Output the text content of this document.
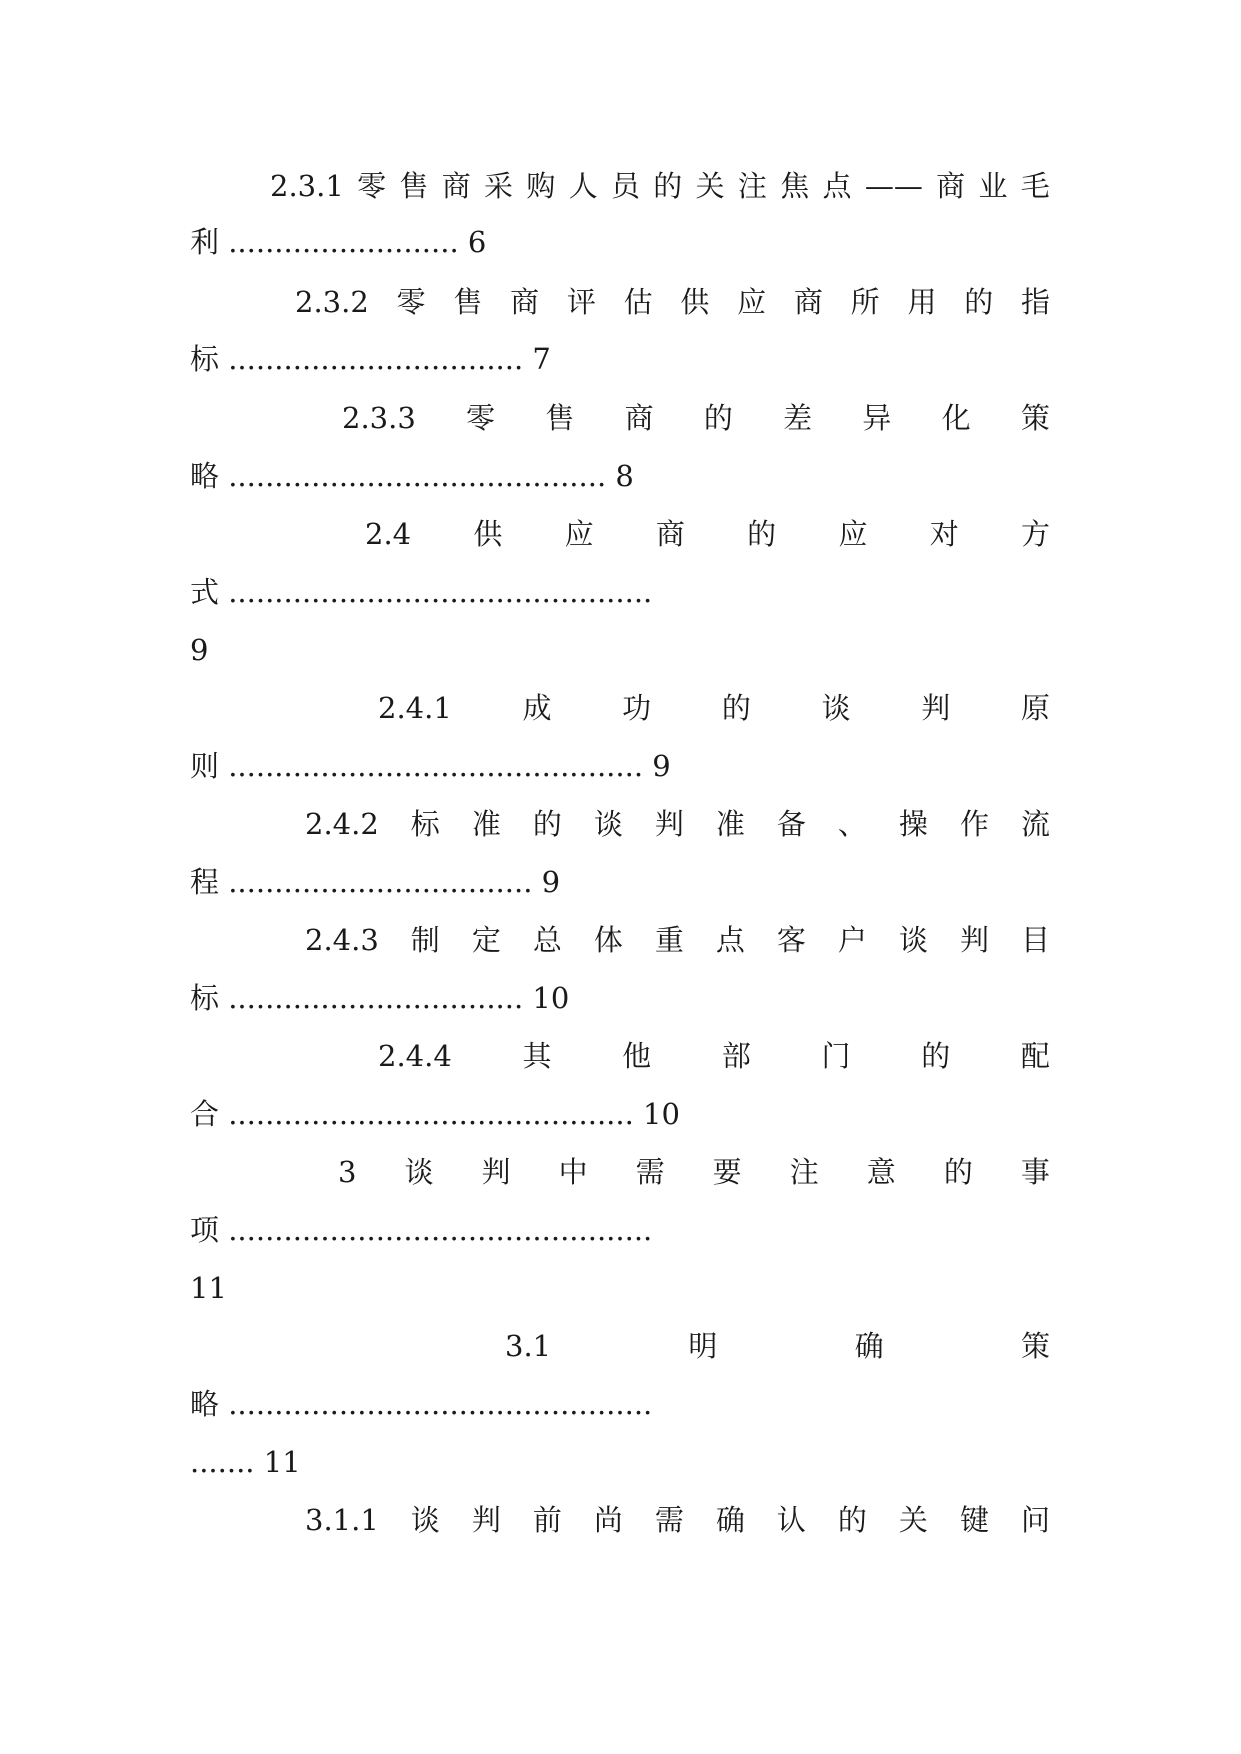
2.3.1 零 售 商 采 购 人 员 的 关 注 焦 点 —— 商 业 毛
利 ......................... 6
2.3.2 零 售 商 评 估 供 应 商 所 用 的 指
标 ................................ 7
2.3.3 零 售 商 的 差 异 化 策
略 ......................................... 8
2.4 供 应 商 的 应 对 方
式 ..............................................
9
2.4.1 成 功 的 谈 判 原
则 ............................................. 9
2.4.2 标 准 的 谈 判 准 备 、 操 作 流
程 ................................. 9
2.4.3 制 定 总 体 重 点 客 户 谈 判 目
标 ................................ 10
2.4.4 其 他 部 门 的 配
合 ............................................ 10
3 谈 判 中 需 要 注 意 的 事
项 ..............................................
11
3.1	明	确	策
略 ..............................................
....... 11
3.1.1 谈 判 前 尚 需 确 认 的 关 键 问
